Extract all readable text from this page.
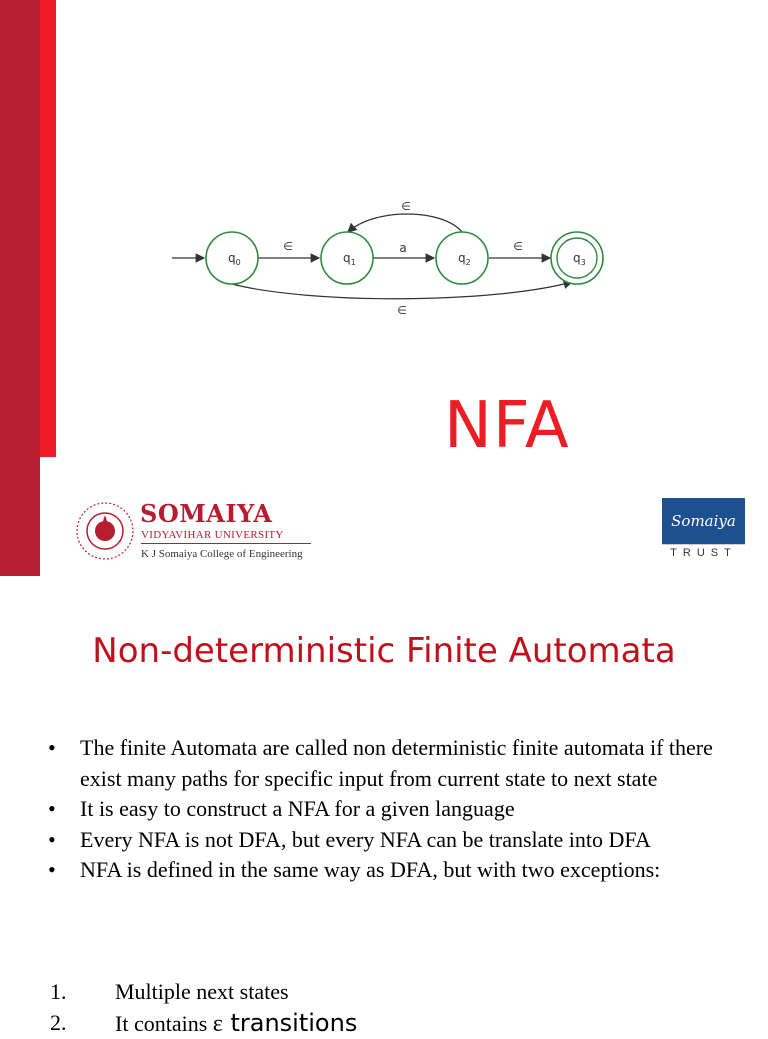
∈	a	∈
∈
∈
$q_0$	$q_1$	$q_2$	$q_3$
NFA
SOMAIYA
VIDYAVIHAR UNIVERSITY
K J Somaiya College of Engineering
Somaiya
TRUST
Non-deterministic Finite Automata
• The finite Automata are called non deterministic finite automata if there exist many paths for specific input from current state to next state
• It is easy to construct a NFA for a given language
• Every NFA is not DFA, but every NFA can be translate into DFA
• NFA is defined in the same way as DFA, but with two exceptions:
1. Multiple next states
2. It contains ε transitions
